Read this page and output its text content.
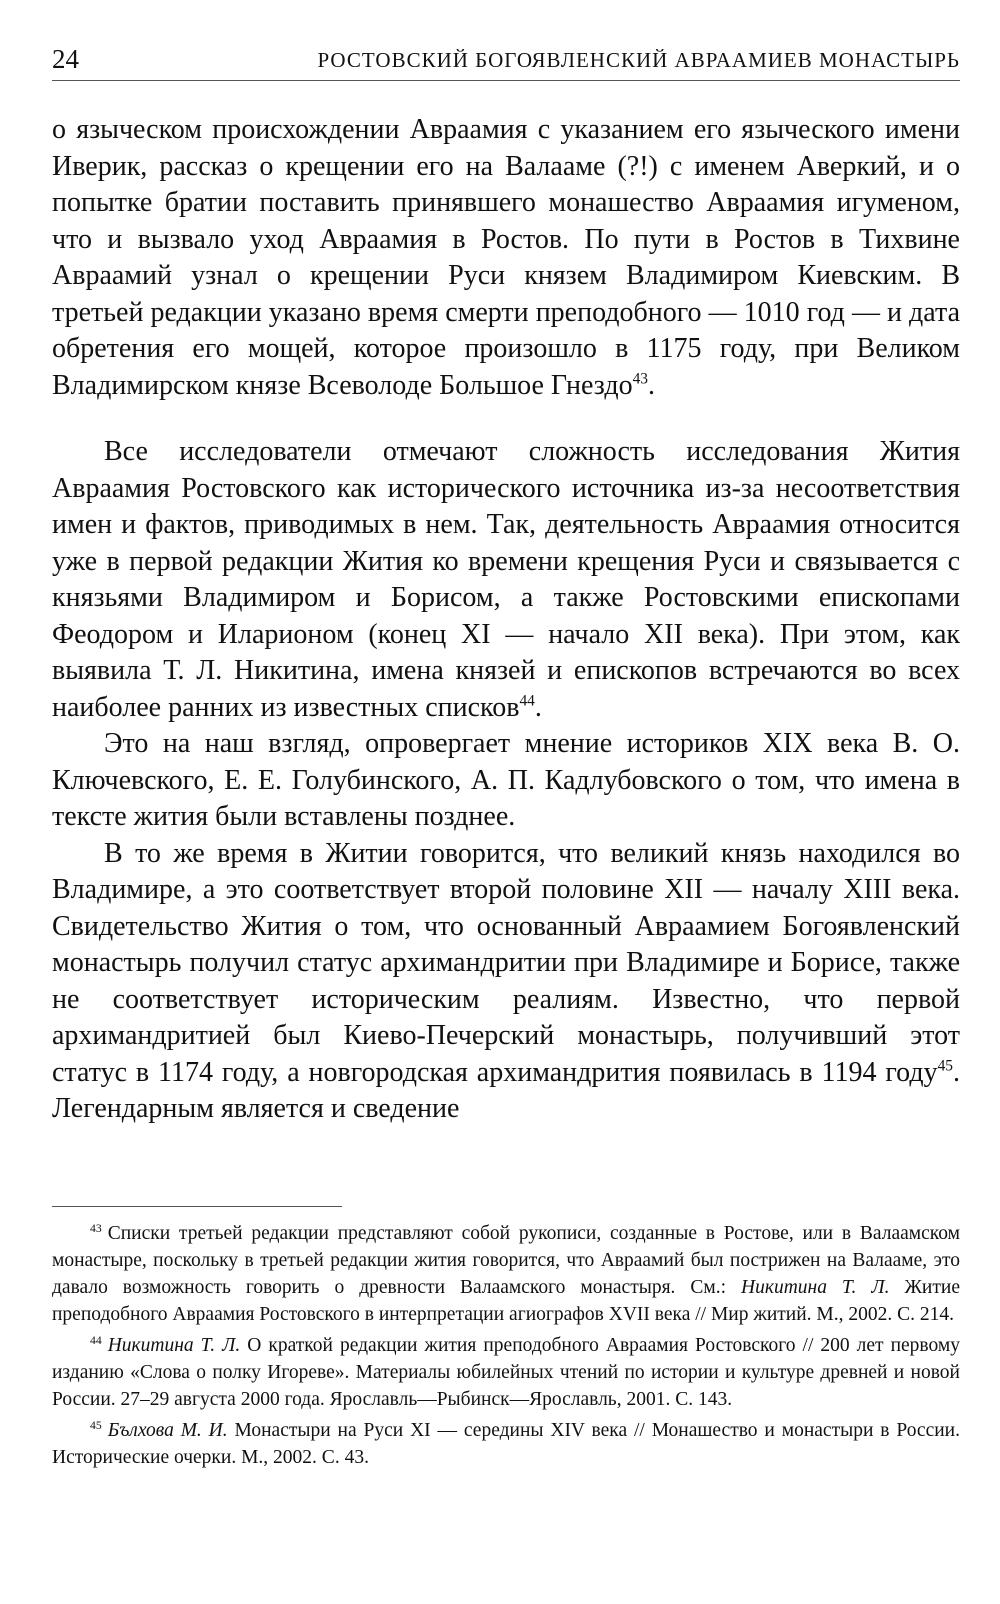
24	РОСТОВСКИЙ БОГОЯВЛЕНСКИЙ АВРААМИЕВ МОНАСТЫРЬ

о языческом происхождении Авраамия с указанием его языческого имени Иверик, рассказ о крещении его на Валааме (?!) с именем Аверкий, и о попытке братии поставить принявшего монашество Авраамия игуменом, что и вызвало уход Авраамия в Ростов. По пути в Ростов в Тихвине Авраамий узнал о крещении Руси князем Владимиром Киевским. В третьей редакции указано время смерти преподобного — 1010 год — и дата обретения его мощей, которое произошло в 1175 году, при Великом Владимирском князе Всеволоде Большое Гнездо$^{43}$.

Все исследователи отмечают сложность исследования Жития Авраамия Ростовского как исторического источника из-за несоответствия имен и фактов, приводимых в нем. Так, деятельность Авраамия относится уже в первой редакции Жития ко времени крещения Руси и связывается с князьями Владимиром и Борисом, а также Ростовскими епископами Феодором и Иларионом (конец XI — начало XII века). При этом, как выявила Т. Л. Никитина, имена князей и епископов встречаются во всех наиболее ранних из известных списков$^{44}$.

Это на наш взгляд, опровергает мнение историков XIX века В. О. Ключевского, Е. Е. Голубинского, А. П. Кадлубовского о том, что имена в тексте жития были вставлены позднее.

В то же время в Житии говорится, что великий князь находился во Владимире, а это соответствует второй половине XII — началу XIII века. Свидетельство Жития о том, что основанный Авраамием Богоявленский монастырь получил статус архимандритии при Владимире и Борисе, также не соответствует историческим реалиям. Известно, что первой архимандритией был Киево-Печерский монастырь, получивший этот статус в 1174 году, а новгородская архимандрития появилась в 1194 году$^{45}$. Легендарным является и сведение

$^{43}$ Списки третьей редакции представляют собой рукописи, созданные в Ростове, или в Валаамском монастыре, поскольку в третьей редакции жития говорится, что Авраамий был пострижен на Валааме, это давало возможность говорить о древности Валаамского монастыря. См.: Никитина Т. Л. Житие преподобного Авраамия Ростовского в интерпретации агиографов XVII века // Мир житий. М., 2002. С. 214.

$^{44}$ Никитина Т. Л. О краткой редакции жития преподобного Авраамия Ростовского // 200 лет первому изданию «Слова о полку Игореве». Материалы юбилейных чтений по истории и культуре древней и новой России. 27–29 августа 2000 года. Ярославль—Рыбинск—Ярославль, 2001. С. 143.

$^{45}$ Бълхова М. И. Монастыри на Руси XI — середины XIV века // Монашество и монастыри в России. Исторические очерки. М., 2002. С. 43.
